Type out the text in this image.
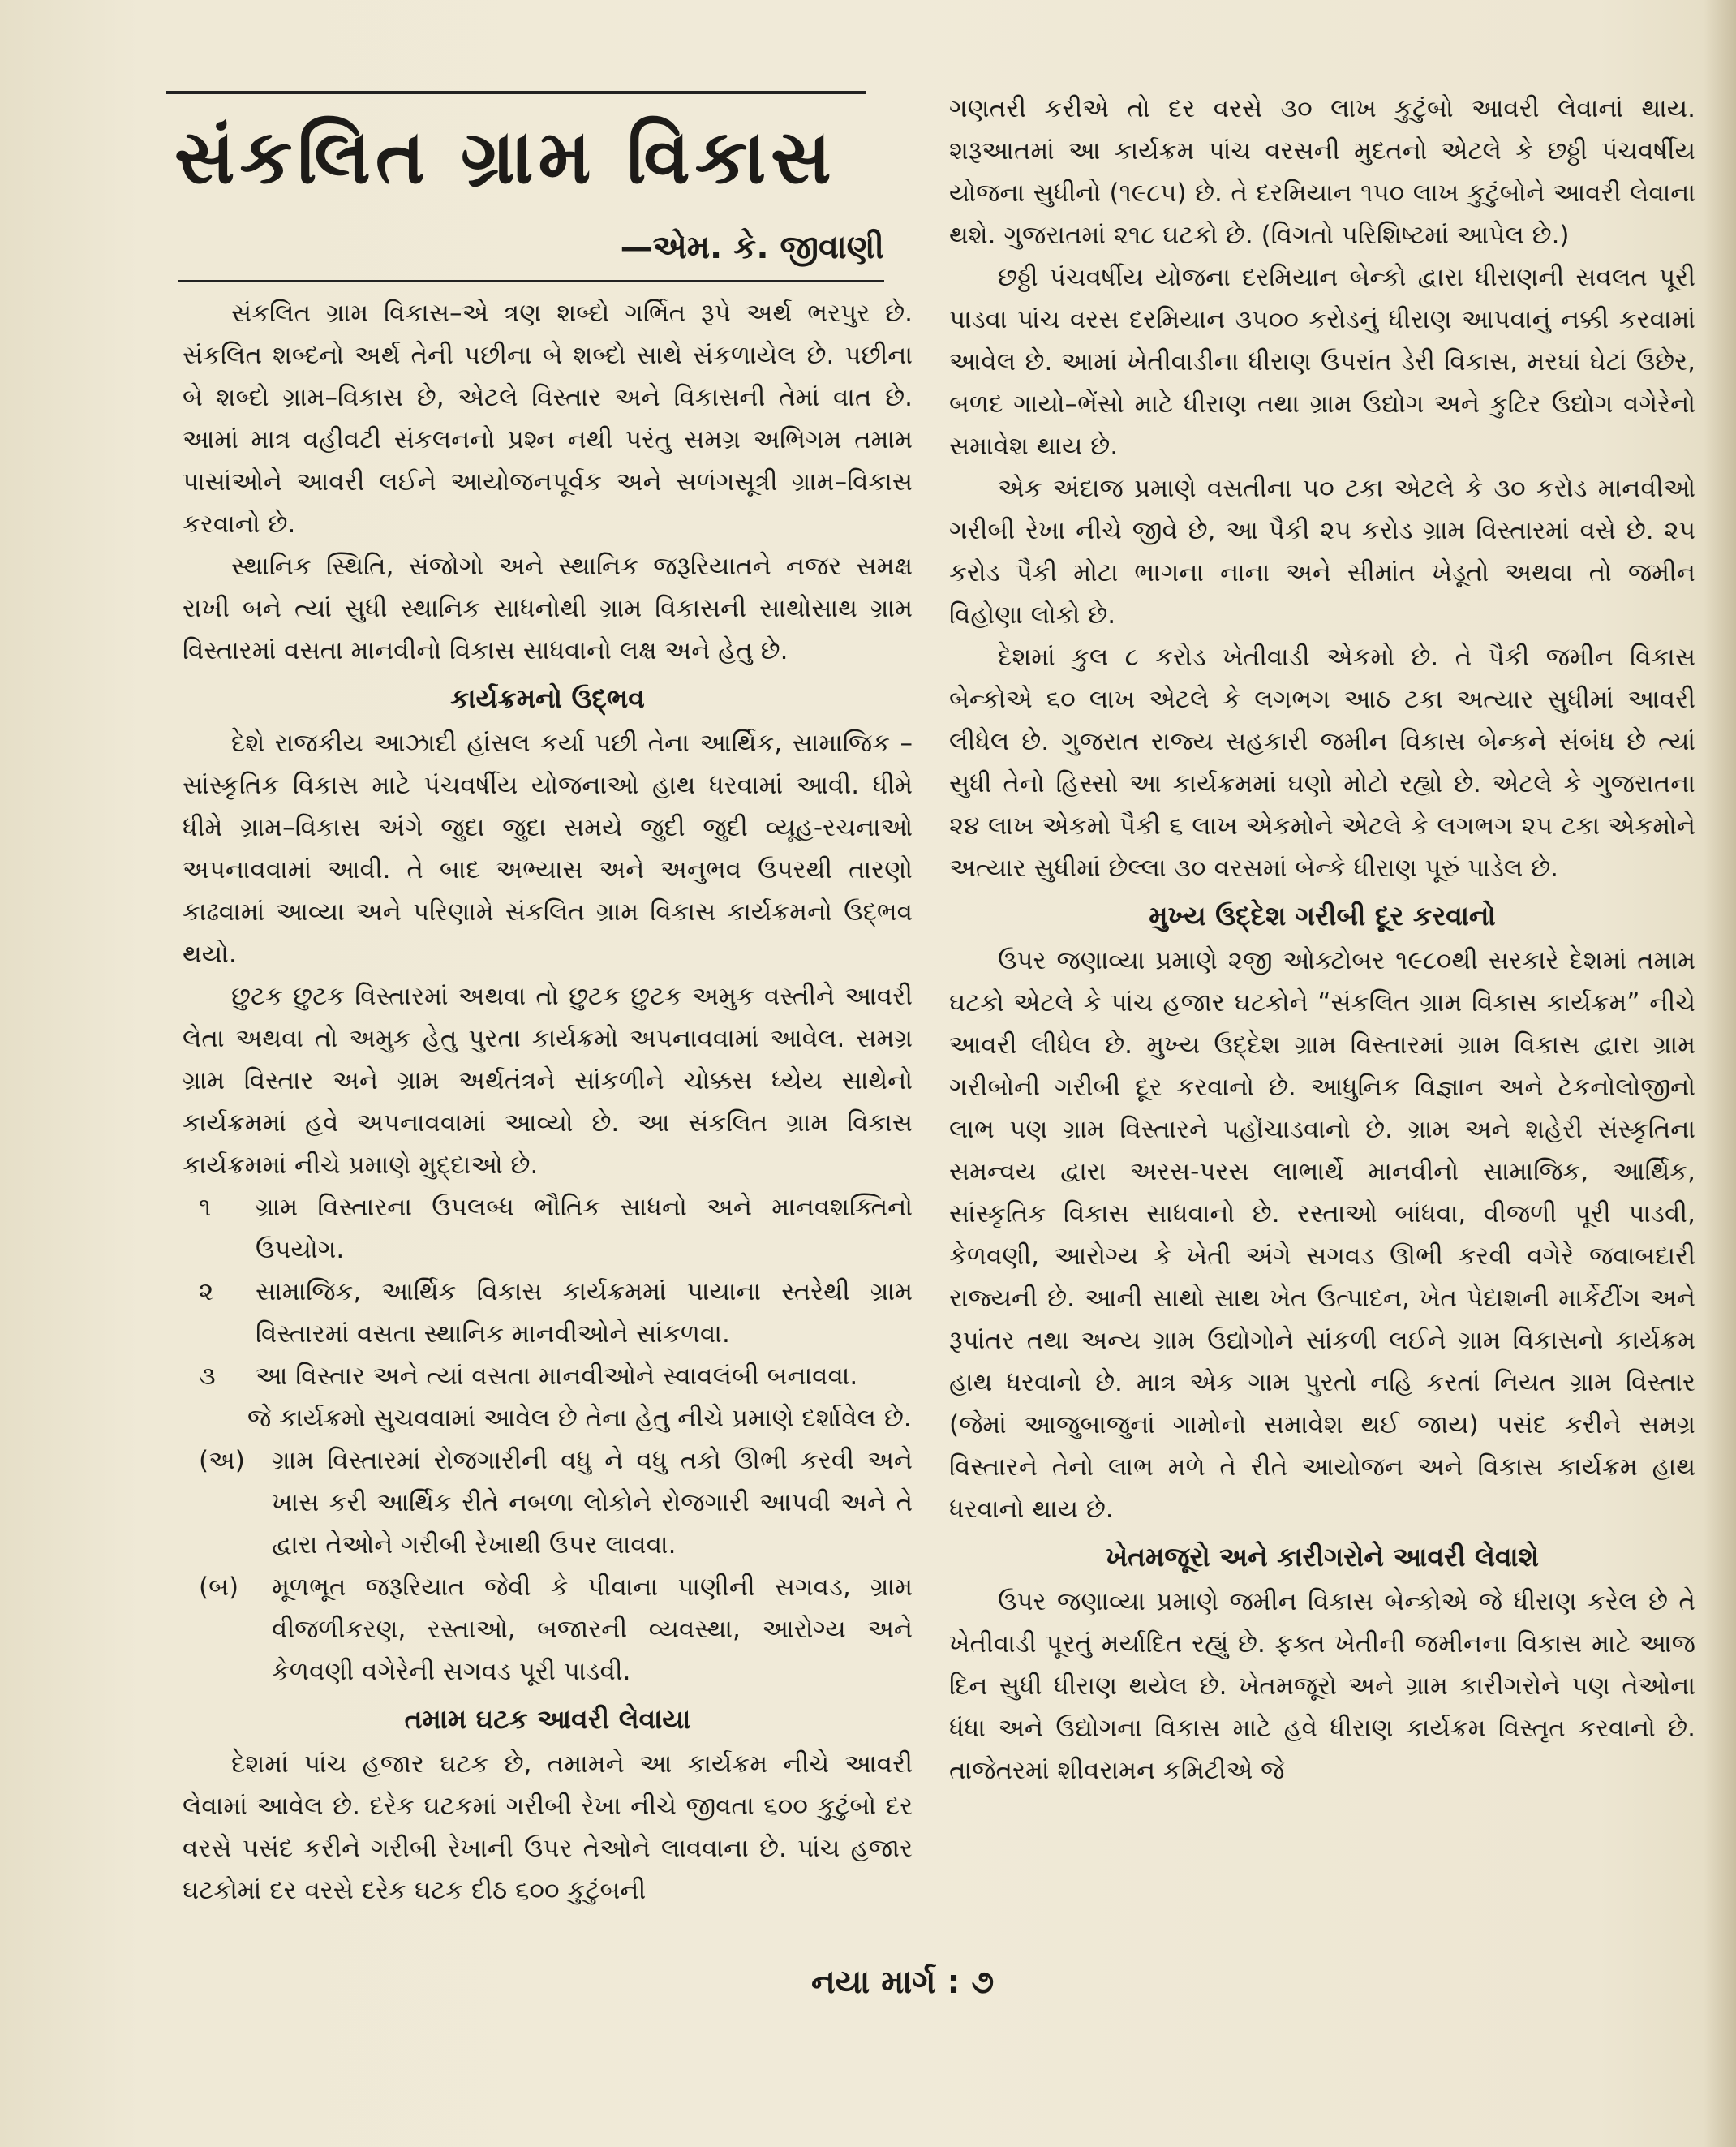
સંકલિત ગ્રામ વિકાસ
—એમ. કે. જીવાણી

સંકલિત ગ્રામ વિકાસ–એ ત્રણ શબ્દો ગર્ભિત રૂપે અર્થ ભરપુર છે. સંકલિત શબ્દનો અર્થ તેની પછીના બે શબ્દો સાથે સંકળાયેલ છે. પછીના બે શબ્દો ગ્રામ–વિકાસ છે, એટલે વિસ્તાર અને વિકાસની તેમાં વાત છે. આમાં માત્ર વહીવટી સંકલનનો પ્રશ્ન નથી પરંતુ સમગ્ર અભિગમ તમામ પાસાંઓને આવરી લઈને આયોજનપૂર્વક અને સળંગસૂત્રી ગ્રામ–વિકાસ કરવાનો છે.

સ્થાનિક સ્થિતિ, સંજોગો અને સ્થાનિક જરૂરિયાતને નજર સમક્ષ રાખી બને ત્યાં સુધી સ્થાનિક સાધનોથી ગ્રામ વિકાસની સાથોસાથ ગ્રામ વિસ્તારમાં વસતા માનવીનો વિકાસ સાધવાનો લક્ષ અને હેતુ છે.

કાર્યક્રમનો ઉદ્‌ભવ

દેશે રાજકીય આઝાદી હાંસલ કર્યા પછી તેના આર્થિક, સામાજિક –સાંસ્કૃતિક વિકાસ માટે પંચવર્ષીય યોજનાઓ હાથ ધરવામાં આવી. ધીમે ધીમે ગ્રામ–વિકાસ અંગે જુદા જુદા સમયે જુદી જુદી વ્યૂહ-રચનાઓ અપનાવવામાં આવી. તે બાદ અભ્યાસ અને અનુભવ ઉપરથી તારણો કાઢવામાં આવ્યા અને પરિણામે સંકલિત ગ્રામ વિકાસ કાર્યક્રમનો ઉદ્‌ભવ થયો.

છુટક છુટક વિસ્તારમાં અથવા તો છુટક છુટક અમુક વસ્તીને આવરી લેતા અથવા તો અમુક હેતુ પુરતા કાર્યક્રમો અપનાવવામાં આવેલ. સમગ્ર ગ્રામ વિસ્તાર અને ગ્રામ અર્થતંત્રને સાંકળીને ચોક્કસ ધ્યેય સાથેનો કાર્યક્રમમાં હવે અપનાવવામાં આવ્યો છે. આ સંકલિત ગ્રામ વિકાસ કાર્યક્રમમાં નીચે પ્રમાણે મુદ્દાઓ છે.

૧ ગ્રામ વિસ્તારના ઉપલબ્ધ ભૌતિક સાધનો અને માનવશક્તિનો ઉપયોગ.
૨ સામાજિક, આર્થિક વિકાસ કાર્યક્રમમાં પાયાના સ્તરેથી ગ્રામ વિસ્તારમાં વસતા સ્થાનિક માનવીઓને સાંકળવા.
૩ આ વિસ્તાર અને ત્યાં વસતા માનવીઓને સ્વાવલંબી બનાવવા.

જે કાર્યક્રમો સુચવવામાં આવેલ છે તેના હેતુ નીચે પ્રમાણે દર્શાવેલ છે.

(અ) ગ્રામ વિસ્તારમાં રોજગારીની વધુ ને વધુ તકો ઊભી કરવી અને ખાસ કરી આર્થિક રીતે નબળા લોકોને રોજગારી આપવી અને તે દ્વારા તેઓને ગરીબી રેખાથી ઉપર લાવવા.
(બ) મૂળભૂત જરૂરિયાત જેવી કે પીવાના પાણીની સગવડ, ગ્રામ વીજળીકરણ, રસ્તાઓ, બજારની વ્યવસ્થા, આરોગ્ય અને કેળવણી વગેરેની સગવડ પૂરી પાડવી.
તમામ ઘટક આવરી લેવાયા

દેશમાં પાંચ હજાર ઘટક છે, તમામને આ કાર્યક્રમ નીચે આવરી લેવામાં આવેલ છે. દરેક ઘટકમાં ગરીબી રેખા નીચે જીવતા ૬૦૦ કુટુંબો દર વરસે પસંદ કરીને ગરીબી રેખાની ઉપર તેઓને લાવવાના છે. પાંચ હજાર ઘટકોમાં દર વરસે દરેક ઘટક દીઠ ૬૦૦ કુટુંબની

ગણતરી કરીએ તો દર વરસે ૩૦ લાખ કુટુંબો આવરી લેવાનાં થાય. શરૂઆતમાં આ કાર્યક્રમ પાંચ વરસની મુદતનો એટલે કે છઠ્ઠી પંચવર્ષીય યોજના સુધીનો (૧૯૮૫) છે. તે દરમિયાન ૧૫૦ લાખ કુટુંબોને આવરી લેવાના થશે. ગુજરાતમાં ૨૧૮ ઘટકો છે. (વિગતો પરિશિષ્ટમાં આપેલ છે.)

છઠ્ઠી પંચવર્ષીય યોજના દરમિયાન બેન્કો દ્વારા ધીરાણની સવલત પૂરી પાડવા પાંચ વરસ દરમિયાન ૩૫૦૦ કરોડનું ધીરાણ આપવાનું નક્કી કરવામાં આવેલ છે. આમાં ખેતીવાડીના ધીરાણ ઉપરાંત ડેરી વિકાસ, મરઘાં ઘેટાં ઉછેર, બળદ ગાયો–ભેંસો માટે ધીરાણ તથા ગ્રામ ઉદ્યોગ અને કુટિર ઉદ્યોગ વગેરેનો સમાવેશ થાય છે.

એક અંદાજ પ્રમાણે વસતીના ૫૦ ટકા એટલે કે ૩૦ કરોડ માનવીઓ ગરીબી રેખા નીચે જીવે છે, આ પૈકી ૨૫ કરોડ ગ્રામ વિસ્તારમાં વસે છે. ૨૫ કરોડ પૈકી મોટા ભાગના નાના અને સીમાંત ખેડૂતો અથવા તો જમીન વિહોણા લોકો છે.

દેશમાં કુલ ૮ કરોડ ખેતીવાડી એકમો છે. તે પૈકી જમીન વિકાસ બેન્કોએ ૬૦ લાખ એટલે કે લગભગ આઠ ટકા અત્યાર સુધીમાં આવરી લીધેલ છે. ગુજરાત રાજ્ય સહકારી જમીન વિકાસ બેન્કને સંબંધ છે ત્યાં સુધી તેનો હિસ્સો આ કાર્યક્રમમાં ઘણો મોટો રહ્યો છે. એટલે કે ગુજરાતના ૨૪ લાખ એકમો પૈકી ૬ લાખ એકમોને એટલે કે લગભગ ૨૫ ટકા એકમોને અત્યાર સુધીમાં છેલ્લા ૩૦ વરસમાં બેન્કે ધીરાણ પૂરું પાડેલ છે.

મુખ્ય ઉદ્દેશ ગરીબી દૂર કરવાનો

ઉપર જણાવ્યા પ્રમાણે ૨જી ઓક્ટોબર ૧૯૮૦થી સરકારે દેશમાં તમામ ઘટકો એટલે કે પાંચ હજાર ઘટકોને “સંકલિત ગ્રામ વિકાસ કાર્યક્રમ” નીચે આવરી લીધેલ છે. મુખ્ય ઉદ્દેશ ગ્રામ વિસ્તારમાં ગ્રામ વિકાસ દ્વારા ગ્રામ ગરીબોની ગરીબી દૂર કરવાનો છે. આધુનિક વિજ્ઞાન અને ટેકનોલોજીનો લાભ પણ ગ્રામ વિસ્તારને પહોંચાડવાનો છે. ગ્રામ અને શહેરી સંસ્કૃતિના સમન્વય દ્વારા અરસ-પરસ લાભાર્થે માનવીનો સામાજિક, આર્થિક, સાંસ્કૃતિક વિકાસ સાધવાનો છે. રસ્તાઓ બાંધવા, વીજળી પૂરી પાડવી, કેળવણી, આરોગ્ય કે ખેતી અંગે સગવડ ઊભી કરવી વગેરે જવાબદારી રાજ્યની છે. આની સાથો સાથ ખેત ઉત્પાદન, ખેત પેદાશની માર્કેટીંગ અને રૂપાંતર તથા અન્ય ગ્રામ ઉદ્યોગોને સાંકળી લઈને ગ્રામ વિકાસનો કાર્યક્રમ હાથ ધરવાનો છે. માત્ર એક ગામ પુરતો નહિ કરતાં નિયત ગ્રામ વિસ્તાર (જેમાં આજુબાજુનાં ગામોનો સમાવેશ થઈ જાય) પસંદ કરીને સમગ્ર વિસ્તારને તેનો લાભ મળે તે રીતે આયોજન અને વિકાસ કાર્યક્રમ હાથ ધરવાનો થાય છે.

ખેતમજૂરો અને કારીગરોને આવરી લેવાશે

ઉપર જણાવ્યા પ્રમાણે જમીન વિકાસ બેન્કોએ જે ધીરાણ કરેલ છે તે ખેતીવાડી પૂરતું મર્યાદિત રહ્યું છે. ફક્ત ખેતીની જમીનના વિકાસ માટે આજ દિન સુધી ધીરાણ થયેલ છે. ખેતમજૂરો અને ગ્રામ કારીગરોને પણ તેઓના ધંધા અને ઉદ્યોગના વિકાસ માટે હવે ધીરાણ કાર્યક્રમ વિસ્તૃત કરવાનો છે. તાજેતરમાં શીવરામન કમિટીએ જે

નયા માર્ગ : ૭
